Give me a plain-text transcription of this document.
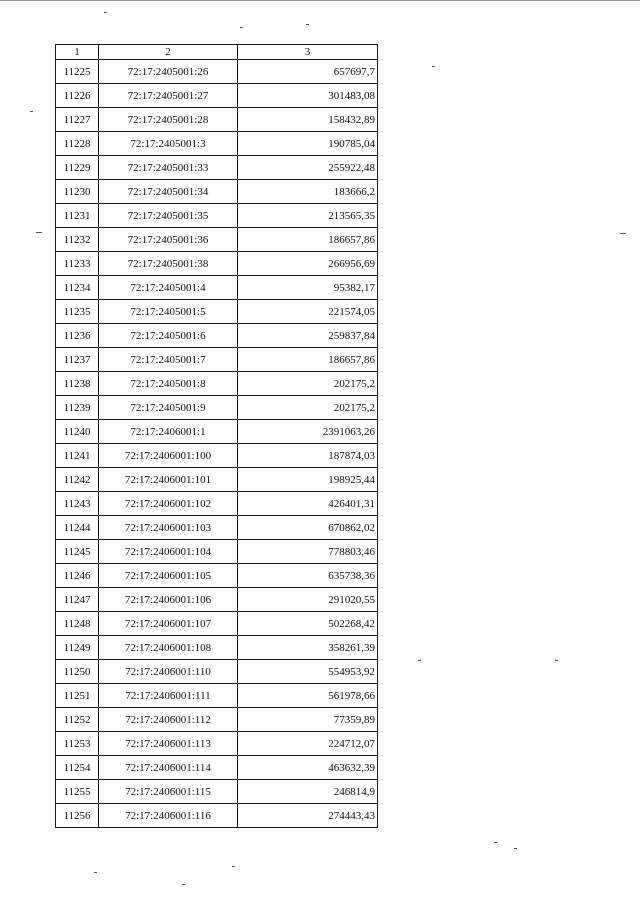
1	2	3
11225	72:17:2405001:26	657697,7
11226	72:17:2405001:27	301483,08
11227	72:17:2405001:28	158432,89
11228	72:17:2405001:3	190785,04
11229	72:17:2405001:33	255922,48
11230	72:17:2405001:34	183666,2
11231	72:17:2405001:35	213565,35
11232	72:17:2405001:36	186657,86
11233	72:17:2405001:38	266956,69
11234	72:17:2405001:4	95382,17
11235	72:17:2405001:5	221574,05
11236	72:17:2405001:6	259837,84
11237	72:17:2405001:7	186657,86
11238	72:17:2405001:8	202175,2
11239	72:17:2405001:9	202175,2
11240	72:17:2406001:1	2391063,26
11241	72:17:2406001:100	187874,03
11242	72:17:2406001:101	198925,44
11243	72:17:2406001:102	426401,31
11244	72:17:2406001:103	670862,02
11245	72:17:2406001:104	778803,46
11246	72:17:2406001:105	635738,36
11247	72:17:2406001:106	291020,55
11248	72:17:2406001:107	502268,42
11249	72:17:2406001:108	358261,39
11250	72:17:2406001:110	554953,92
11251	72:17:2406001:111	561978,66
11252	72:17:2406001:112	77359,89
11253	72:17:2406001:113	224712,07
11254	72:17:2406001:114	463632,39
11255	72:17:2406001:115	246814,9
11256	72:17:2406001:116	274443,43
